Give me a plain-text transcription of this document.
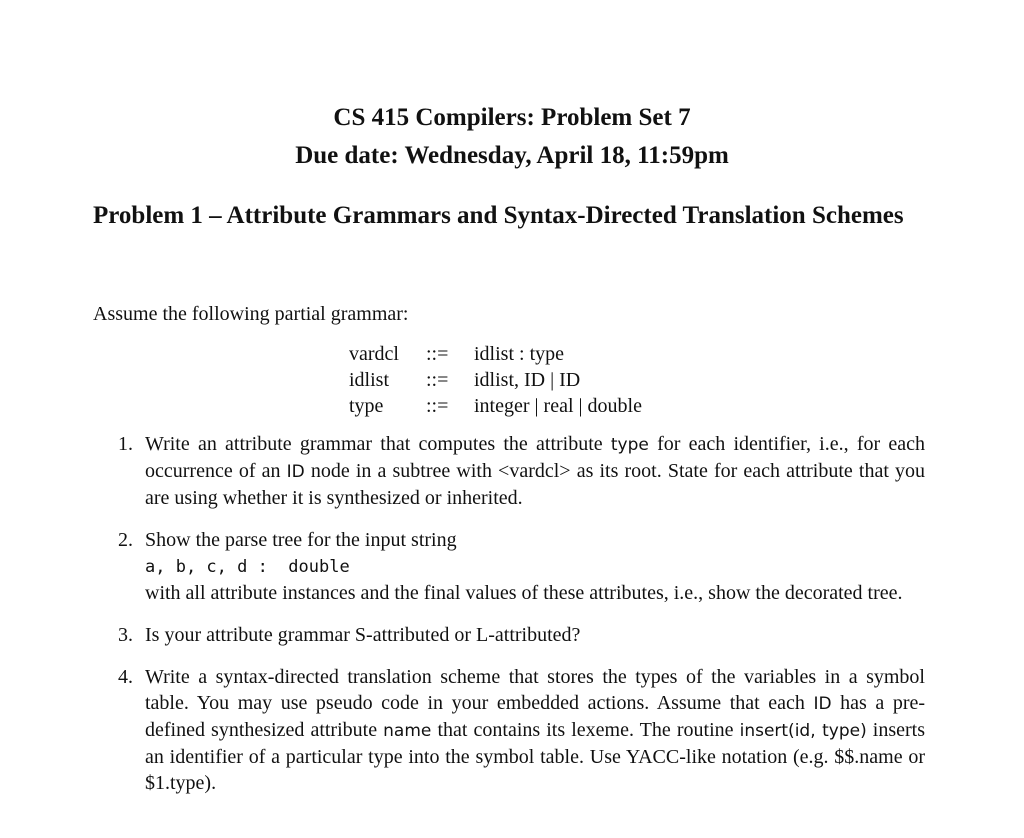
CS 415 Compilers: Problem Set 7
Due date: Wednesday, April 18, 11:59pm
Problem 1 – Attribute Grammars and Syntax-Directed Translation Schemes

Assume the following partial grammar:

vardcl	::=	idlist : type
idlist	::=	idlist, ID | ID
type	::=	integer | real | double
1. Write an attribute grammar that computes the attribute type for each identifier, i.e., for each occurrence of an ID node in a subtree with <vardcl> as its root. State for each attribute that you are using whether it is synthesized or inherited.
2. Show the parse tree for the input string
a, b, c, d :  double
with all attribute instances and the final values of these attributes, i.e., show the decorated tree.
3. Is your attribute grammar S-attributed or L-attributed?
4. Write a syntax-directed translation scheme that stores the types of the variables in a symbol table. You may use pseudo code in your embedded actions. Assume that each ID has a pre-defined synthesized attribute name that contains its lexeme. The routine insert(id, type) inserts an identifier of a particular type into the symbol table. Use YACC-like notation (e.g. $$.name or $1.type).
